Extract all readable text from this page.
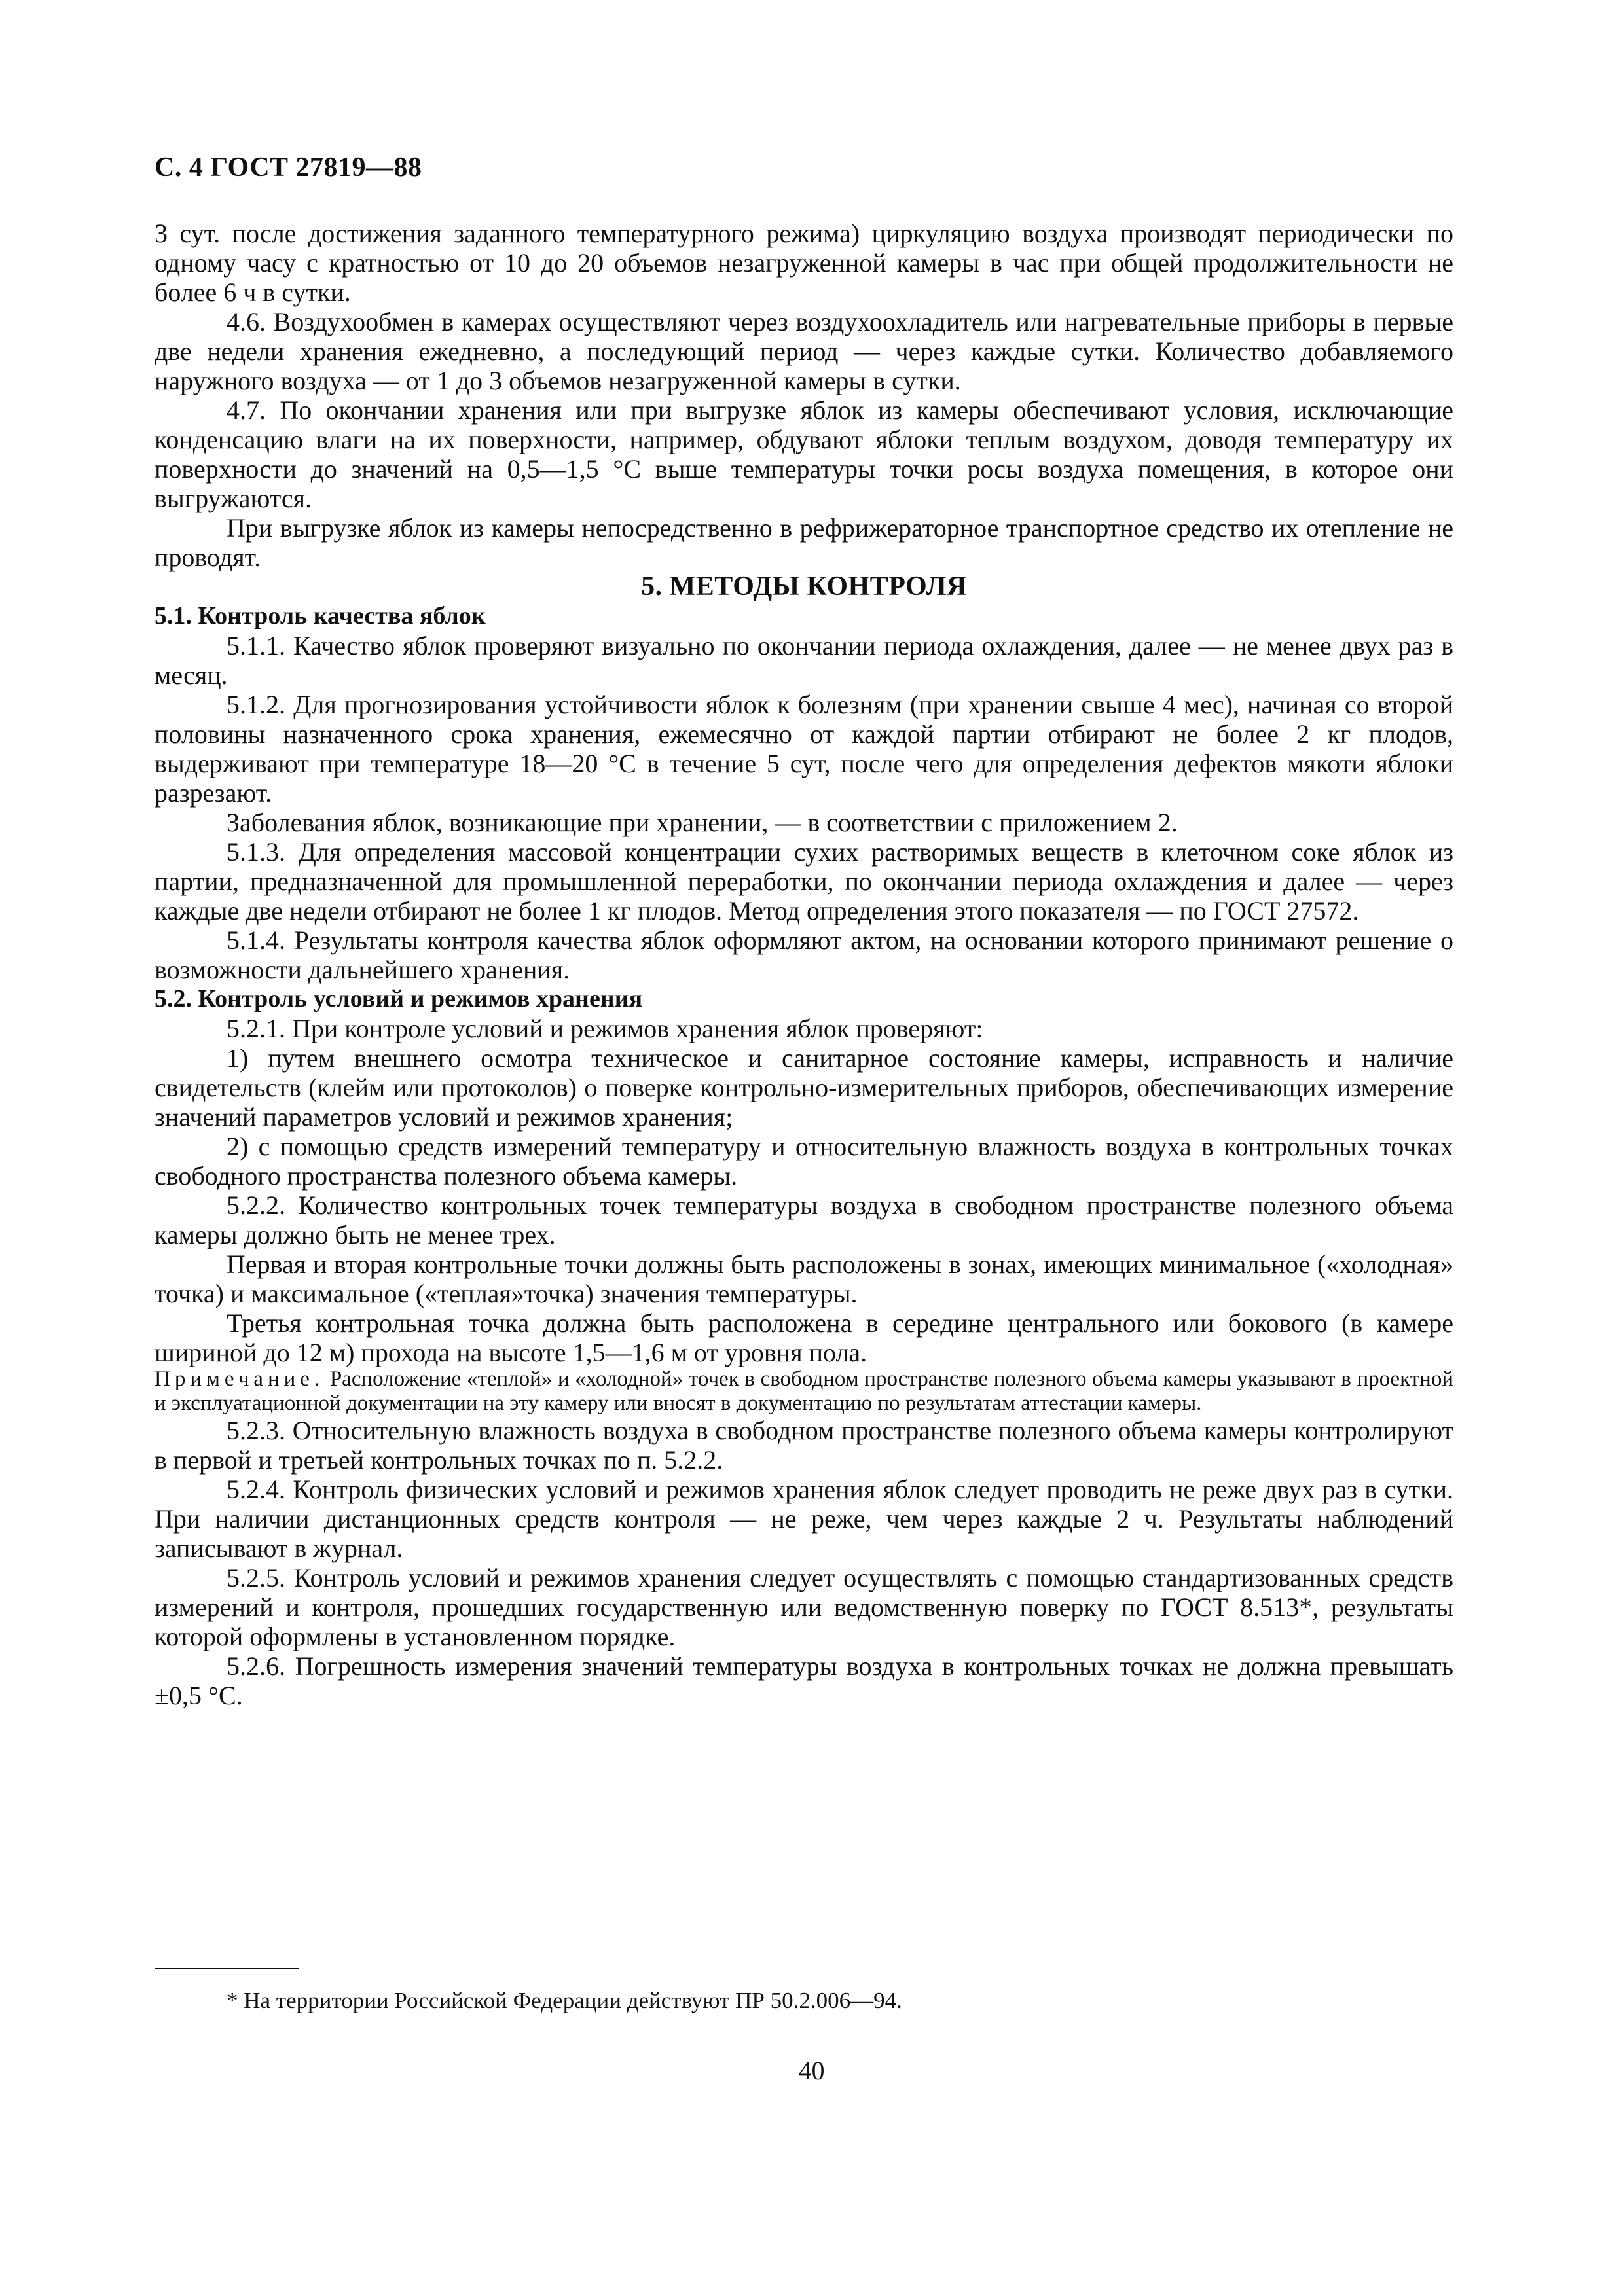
С. 4 ГОСТ 27819—88

3 сут. после достижения заданного температурного режима) циркуляцию воздуха производят периодически по одному часу с кратностью от 10 до 20 объемов незагруженной камеры в час при общей продолжительности не более 6 ч в сутки.

4.6. Воздухообмен в камерах осуществляют через воздухоохладитель или нагревательные приборы в первые две недели хранения ежедневно, а последующий период — через каждые сутки. Количество добавляемого наружного воздуха — от 1 до 3 объемов незагруженной камеры в сутки.

4.7. По окончании хранения или при выгрузке яблок из камеры обеспечивают условия, исключающие конденсацию влаги на их поверхности, например, обдувают яблоки теплым воздухом, доводя температуру их поверхности до значений на 0,5—1,5 °С выше температуры точки росы воздуха помещения, в которое они выгружаются.

При выгрузке яблок из камеры непосредственно в рефрижераторное транспортное средство их отепление не проводят.

5. МЕТОДЫ КОНТРОЛЯ

5.1. Контроль качества яблок

5.1.1. Качество яблок проверяют визуально по окончании периода охлаждения, далее — не менее двух раз в месяц.

5.1.2. Для прогнозирования устойчивости яблок к болезням (при хранении свыше 4 мес), начиная со второй половины назначенного срока хранения, ежемесячно от каждой партии отбирают не более 2 кг плодов, выдерживают при температуре 18—20 °С в течение 5 сут, после чего для определения дефектов мякоти яблоки разрезают.

Заболевания яблок, возникающие при хранении, — в соответствии с приложением 2.

5.1.3. Для определения массовой концентрации сухих растворимых веществ в клеточном соке яблок из партии, предназначенной для промышленной переработки, по окончании периода охлаждения и далее — через каждые две недели отбирают не более 1 кг плодов. Метод определения этого показателя — по ГОСТ 27572.

5.1.4. Результаты контроля качества яблок оформляют актом, на основании которого принимают решение о возможности дальнейшего хранения.

5.2. Контроль условий и режимов хранения

5.2.1. При контроле условий и режимов хранения яблок проверяют:

1) путем внешнего осмотра техническое и санитарное состояние камеры, исправность и наличие свидетельств (клейм или протоколов) о поверке контрольно-измерительных приборов, обеспечивающих измерение значений параметров условий и режимов хранения;

2) с помощью средств измерений температуру и относительную влажность воздуха в контрольных точках свободного пространства полезного объема камеры.

5.2.2. Количество контрольных точек температуры воздуха в свободном пространстве полезного объема камеры должно быть не менее трех.

Первая и вторая контрольные точки должны быть расположены в зонах, имеющих минимальное («холодная» точка) и максимальное («теплая»точка) значения температуры.

Третья контрольная точка должна быть расположена в середине центрального или бокового (в камере шириной до 12 м) прохода на высоте 1,5—1,6 м от уровня пола.

Примечание. Расположение «теплой» и «холодной» точек в свободном пространстве полезного объема камеры указывают в проектной и эксплуатационной документации на эту камеру или вносят в документацию по результатам аттестации камеры.

5.2.3. Относительную влажность воздуха в свободном пространстве полезного объема камеры контролируют в первой и третьей контрольных точках по п. 5.2.2.

5.2.4. Контроль физических условий и режимов хранения яблок следует проводить не реже двух раз в сутки. При наличии дистанционных средств контроля — не реже, чем через каждые 2 ч. Результаты наблюдений записывают в журнал.

5.2.5. Контроль условий и режимов хранения следует осуществлять с помощью стандартизованных средств измерений и контроля, прошедших государственную или ведомственную поверку по ГОСТ 8.513*, результаты которой оформлены в установленном порядке.

5.2.6. Погрешность измерения значений температуры воздуха в контрольных точках не должна превышать ±0,5 °С.

* На территории Российской Федерации действуют ПР 50.2.006—94.
40
